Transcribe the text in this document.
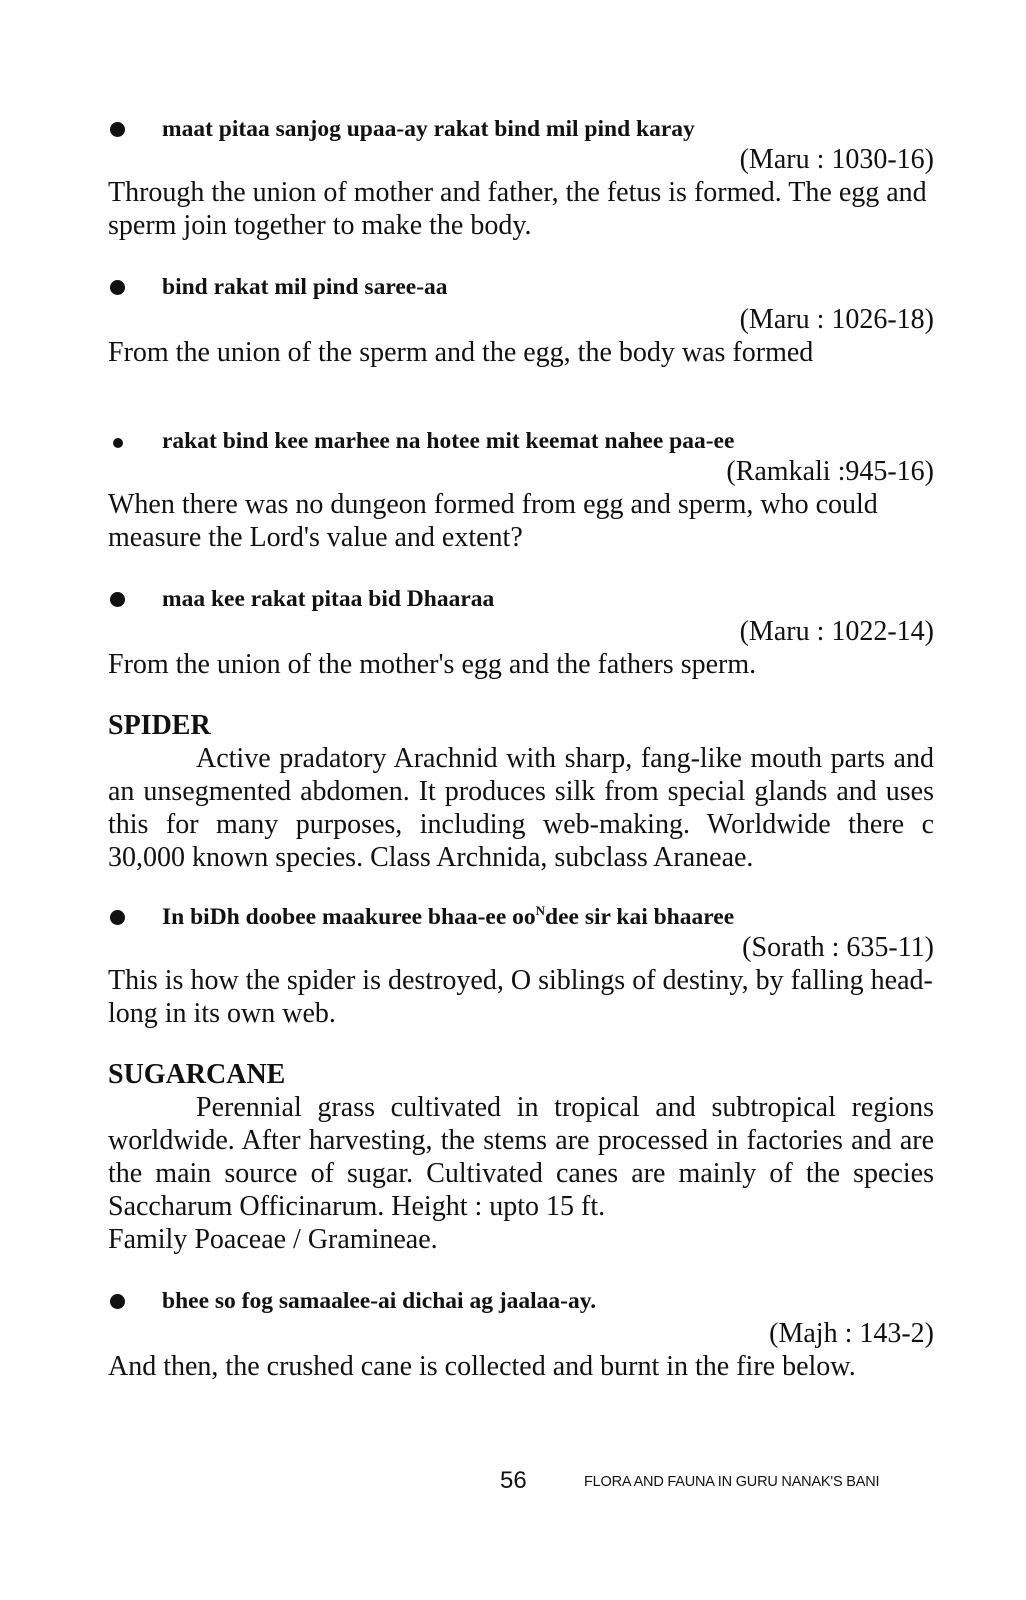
maat pitaa sanjog upaa-ay rakat bind mil pind karay

(Maru : 1030-16)

Through the union of mother and father, the fetus is formed. The egg and sperm join together to make the body.

bind rakat mil pind saree-aa

(Maru : 1026-18)

From the union of the sperm and the egg, the body was formed

rakat bind kee marhee na hotee mit keemat nahee paa-ee

(Ramkali :945-16)

When there was no dungeon formed from egg and sperm, who could measure the Lord's value and extent?

maa kee rakat pitaa bid Dhaaraa

(Maru : 1022-14)

From the union of the mother's egg and the fathers sperm.

SPIDER

Active pradatory Arachnid with sharp, fang-like mouth parts and an unsegmented abdomen. It produces silk from special glands and uses this for many purposes, including web-making. Worldwide there c 30,000 known species. Class Archnida, subclass Araneae.

In biDh doobee maakuree bhaa-ee $oo^Ndee$ sir kai bhaaree

(Sorath : 635-11)

This is how the spider is destroyed, O siblings of destiny, by falling head-long in its own web.

SUGARCANE

Perennial grass cultivated in tropical and subtropical regions worldwide. After harvesting, the stems are processed in factories and are the main source of sugar. Cultivated canes are mainly of the species Saccharum Officinarum. Height : upto 15 ft.

Family Poaceae / Gramineae.

bhee so fog samaalee-ai dichai ag jaalaa-ay.

(Majh : 143-2)

And then, the crushed cane is collected and burnt in the fire below.

56	FLORA AND FAUNA IN GURU NANAK'S BANI
